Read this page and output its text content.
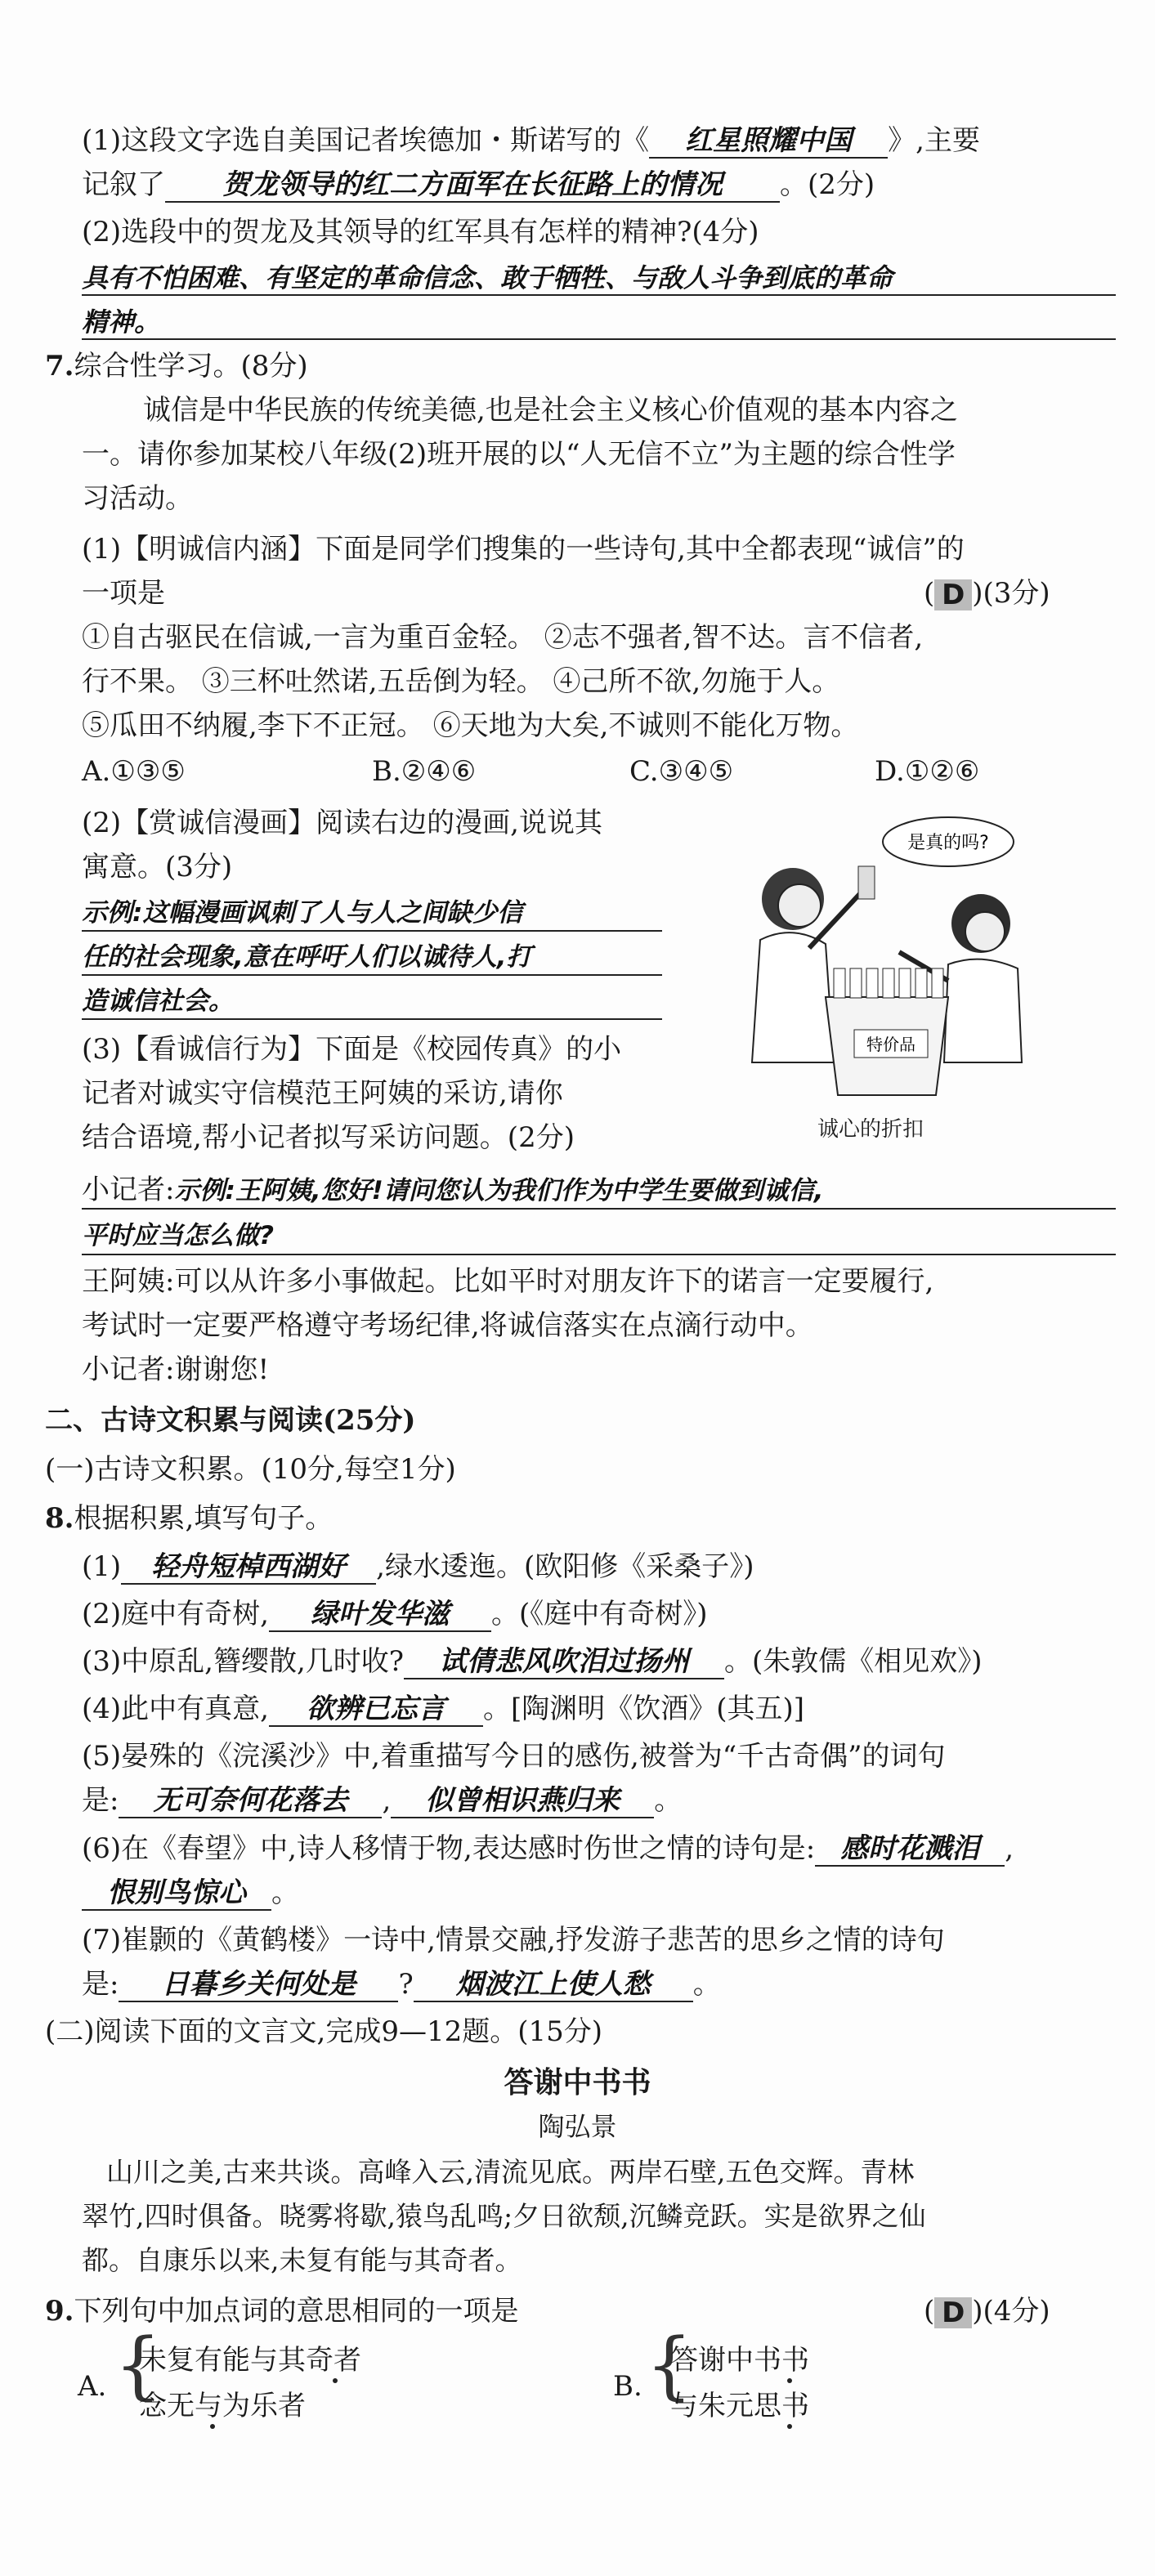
(1)这段文字选自美国记者埃德加・斯诺写的《 红星照耀中国 》,主要
记叙了 贺龙领导的红二方面军在长征路上的情况 。(2分)
(2)选段中的贺龙及其领导的红军具有怎样的精神?(4分)
具有不怕困难、有坚定的革命信念、敢于牺牲、与敌人斗争到底的革命
精神。
7.综合性学习。(8分)
诚信是中华民族的传统美德,也是社会主义核心价值观的基本内容之
一。请你参加某校八年级(2)班开展的以“人无信不立”为主题的综合性学
习活动。
(1)【明诚信内涵】下面是同学们搜集的一些诗句,其中全都表现“诚信”的
一项是	( D )(3分)
①自古驱民在信诚,一言为重百金轻。 ②志不强者,智不达。言不信者,
行不果。 ③三杯吐然诺,五岳倒为轻。 ④己所不欲,勿施于人。
⑤瓜田不纳履,李下不正冠。 ⑥天地为大矣,不诚则不能化万物。
A.①③⑤	B.②④⑥	C.③④⑤	D.①②⑥
(2)【赏诚信漫画】阅读右边的漫画,说说其
寓意。(3分)
示例:这幅漫画讽刺了人与人之间缺少信
任的社会现象,意在呼吁人们以诚待人,打
造诚信社会。
(3)【看诚信行为】下面是《校园传真》的小
记者对诚实守信模范王阿姨的采访,请你
结合语境,帮小记者拟写采访问题。(2分)
是真的吗?
特价品
诚心的折扣
小记者:示例:王阿姨,您好!请问您认为我们作为中学生要做到诚信,
平时应当怎么做?
王阿姨:可以从许多小事做起。比如平时对朋友许下的诺言一定要履行,
考试时一定要严格遵守考场纪律,将诚信落实在点滴行动中。
小记者:谢谢您!
二、古诗文积累与阅读(25分)
(一)古诗文积累。(10分,每空1分)
8.根据积累,填写句子。
(1) 轻舟短棹西湖好 ,绿水逶迤。(欧阳修《采桑子》)
(2)庭中有奇树, 绿叶发华滋 。(《庭中有奇树》)
(3)中原乱,簪缨散,几时收? 试倩悲风吹泪过扬州 。(朱敦儒《相见欢》)
(4)此中有真意, 欲辨已忘言 。[陶渊明《饮酒》(其五)]
(5)晏殊的《浣溪沙》中,着重描写今日的感伤,被誉为“千古奇偶”的词句
是: 无可奈何花落去 , 似曾相识燕归来 。
(6)在《春望》中,诗人移情于物,表达感时伤世之情的诗句是: 感时花溅泪 ,
恨别鸟惊心 。
(7)崔颢的《黄鹤楼》一诗中,情景交融,抒发游子悲苦的思乡之情的诗句
是: 日暮乡关何处是 ? 烟波江上使人愁 。
(二)阅读下面的文言文,完成9—12题。(15分)
答谢中书书
陶弘景
山川之美,古来共谈。高峰入云,清流见底。两岸石壁,五色交辉。青林
翠竹,四时俱备。晓雾将歇,猿鸟乱鸣;夕日欲颓,沉鳞竞跃。实是欲界之仙
都。自康乐以来,未复有能与其奇者。
9.下列句中加点词的意思相同的一项是	( D )(4分)
A. {
未复有能与其奇者
念无与为乐者
B. {
答谢中书书
与朱元思书
